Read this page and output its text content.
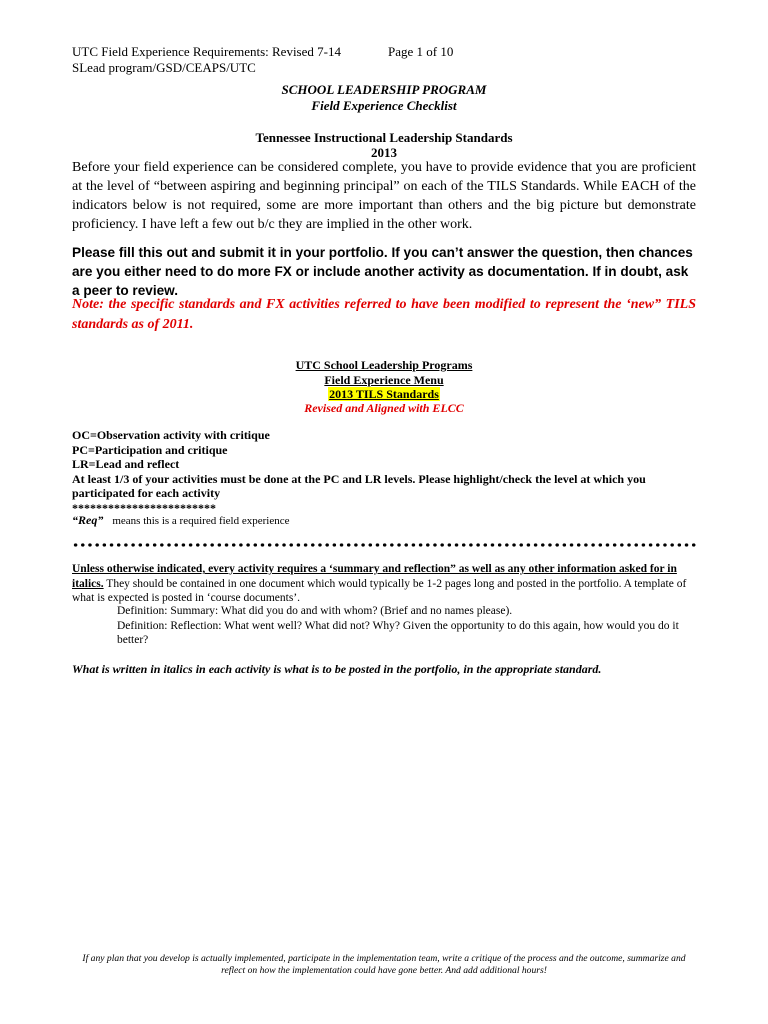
UTC Field Experience Requirements: Revised 7-14	Page 1 of 10
SLead program/GSD/CEAPS/UTC
SCHOOL LEADERSHIP PROGRAM
Field Experience Checklist
Tennessee Instructional Leadership Standards
2013

Before your field experience can be considered complete, you have to provide evidence that you are proficient at the level of “between aspiring and beginning principal” on each of the TILS Standards. While EACH of the indicators below is not required, some are more important than others and the big picture but demonstrate proficiency. I have left a few out b/c they are implied in the other work.

Please fill this out and submit it in your portfolio. If you can’t answer the question, then chances are you either need to do more FX or include another activity as documentation. If in doubt, ask a peer to review.

Note: the specific standards and FX activities referred to have been modified to represent the ‘new” TILS standards as of 2011.

UTC School Leadership Programs
Field Experience Menu
2013 TILS Standards
Revised and Aligned with ELCC
OC=Observation activity with critique
PC=Participation and critique
LR=Lead and reflect
At least 1/3 of your activities must be done at the PC and LR levels. Please highlight/check the level at which you participated for each activity
************************
“Req” means this is a required field experience

Unless otherwise indicated, every activity requires a ‘summary and reflection” as well as any other information asked for in italics. They should be contained in one document which would typically be 1-2 pages long and posted in the portfolio. A template of what is expected is posted in ‘course documents’.

Definition: Summary: What did you do and with whom? (Brief and no names please).
Definition: Reflection: What went well? What did not? Why? Given the opportunity to do this again, how would you do it better?

What is written in italics in each activity is what is to be posted in the portfolio, in the appropriate standard.

If any plan that you develop is actually implemented, participate in the implementation team, write a critique of the process and the outcome, summarize and reflect on how the implementation could have gone better. And add additional hours!
